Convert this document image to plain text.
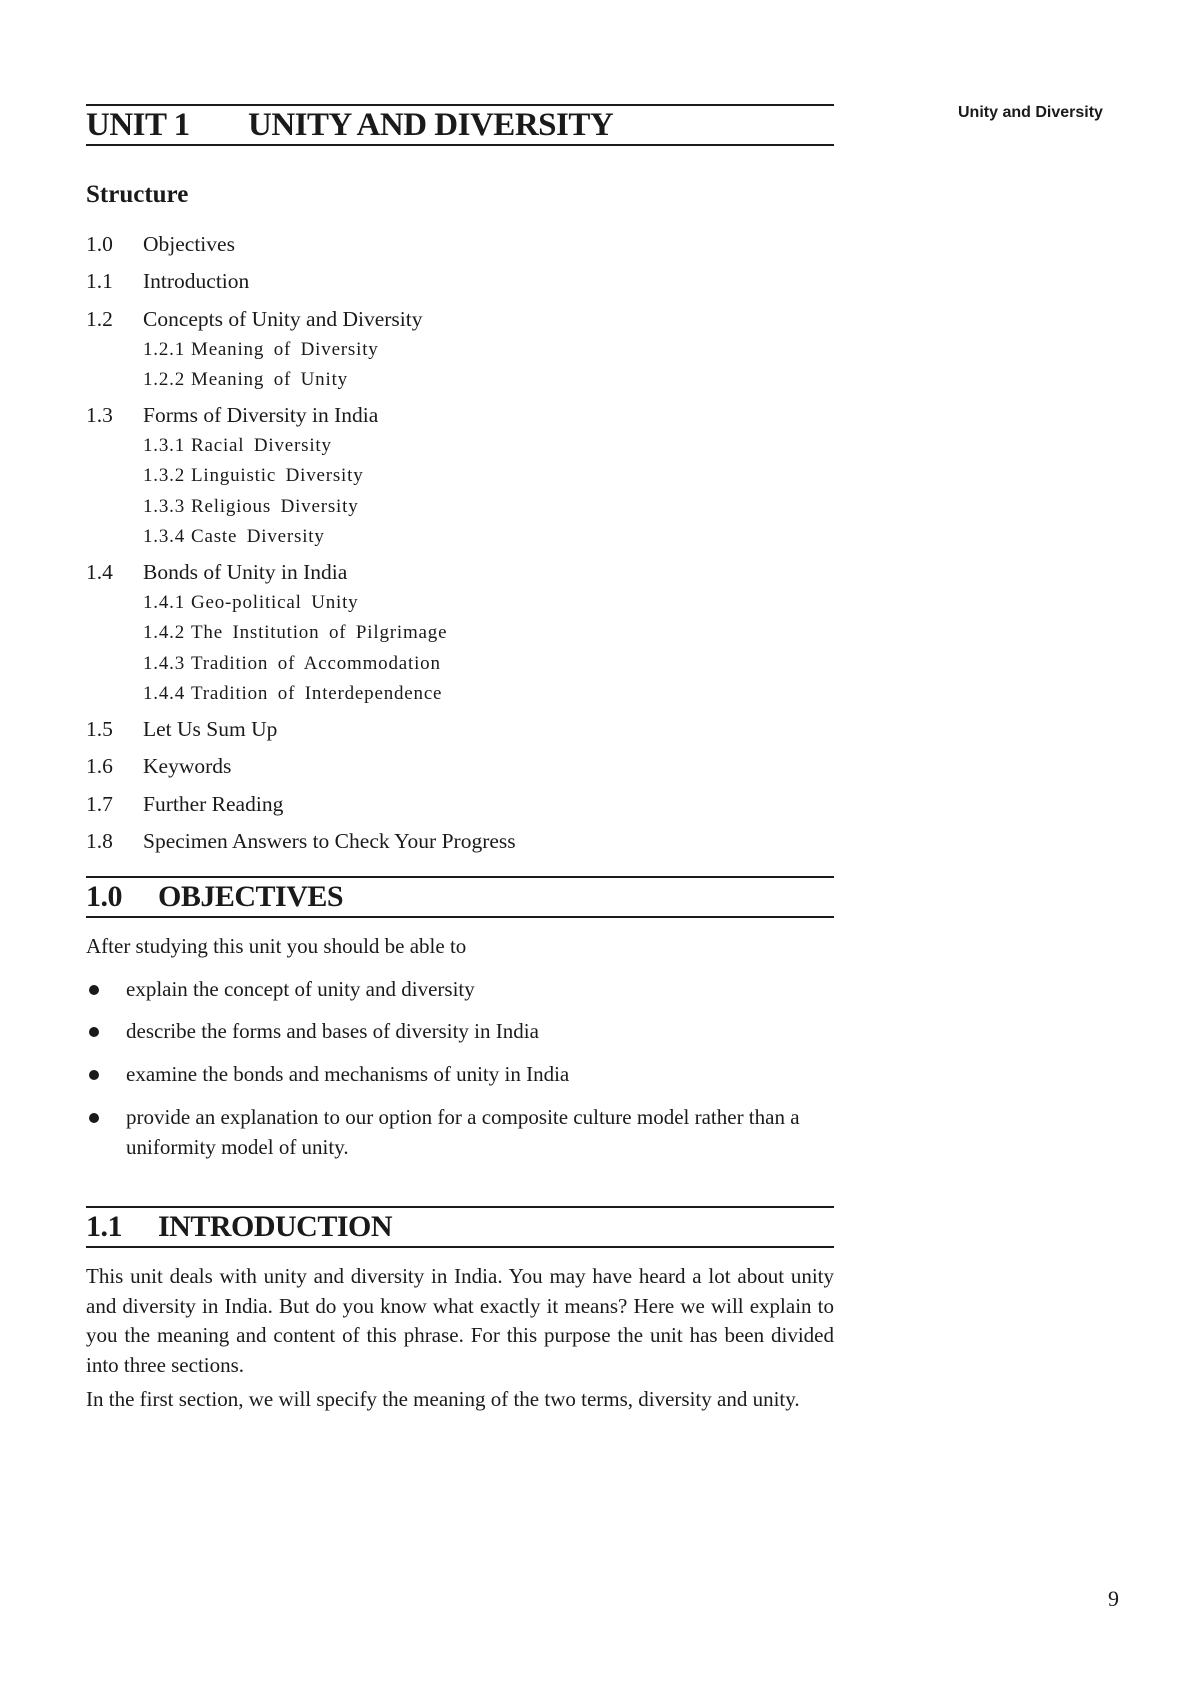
Unity and Diversity
UNIT 1 UNITY AND DIVERSITY
Structure
1.0 Objectives
1.1 Introduction
1.2 Concepts of Unity and Diversity
1.2.1 Meaning of Diversity
1.2.2 Meaning of Unity
1.3 Forms of Diversity in India
1.3.1 Racial Diversity
1.3.2 Linguistic Diversity
1.3.3 Religious Diversity
1.3.4 Caste Diversity
1.4 Bonds of Unity in India
1.4.1 Geo-political Unity
1.4.2 The Institution of Pilgrimage
1.4.3 Tradition of Accommodation
1.4.4 Tradition of Interdependence
1.5 Let Us Sum Up
1.6 Keywords
1.7 Further Reading
1.8 Specimen Answers to Check Your Progress
1.0 OBJECTIVES
After studying this unit you should be able to
explain the concept of unity and diversity
describe the forms and bases of diversity in India
examine the bonds and mechanisms of unity in India
provide an explanation to our option for a composite culture model rather than a uniformity model of unity.
1.1 INTRODUCTION
This unit deals with unity and diversity in India. You may have heard a lot about unity and diversity in India. But do you know what exactly it means? Here we will explain to you the meaning and content of this phrase. For this purpose the unit has been divided into three sections.
In the first section, we will specify the meaning of the two terms, diversity and unity.
9
